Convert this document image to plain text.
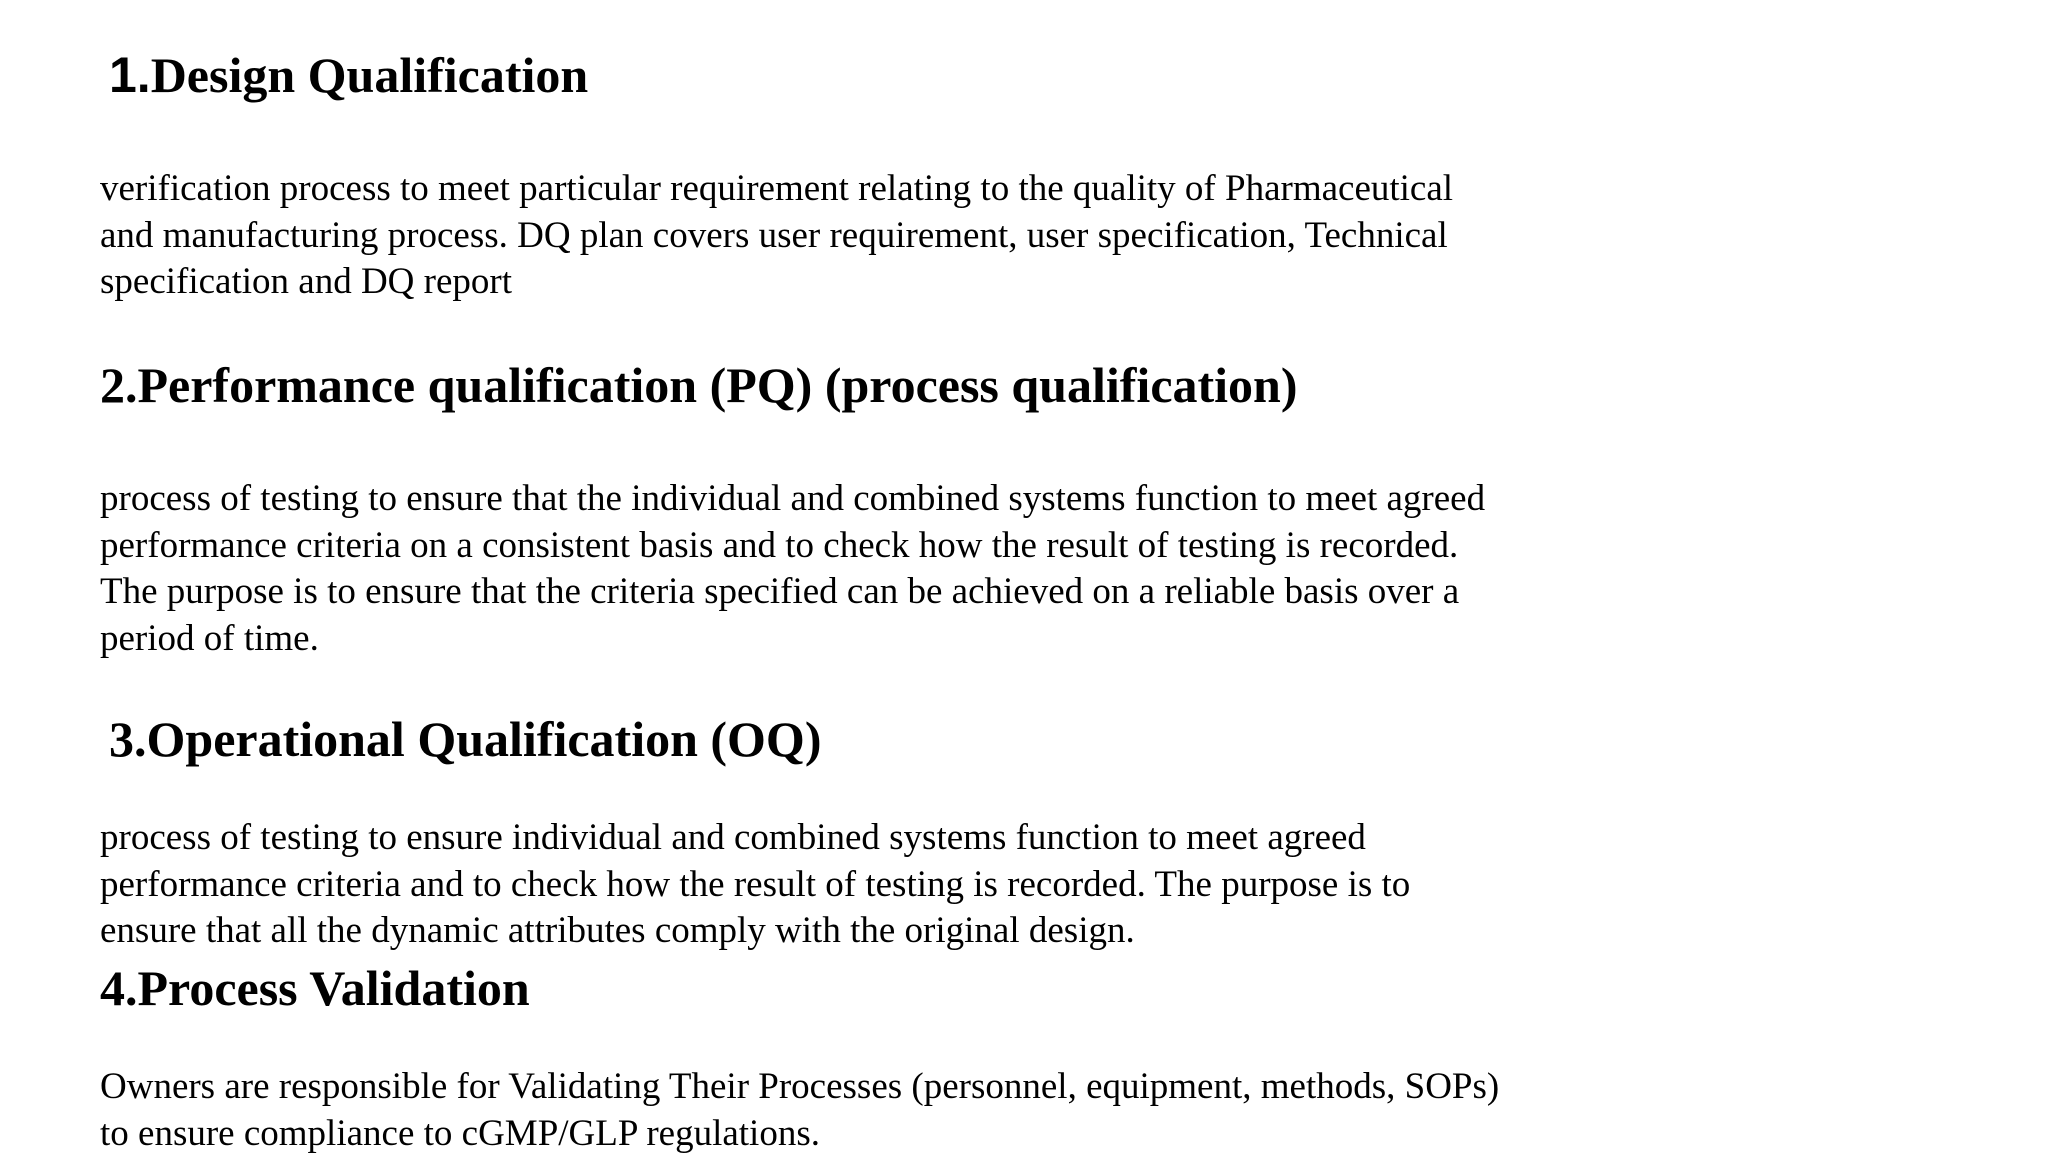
1.Design Qualification

verification process to meet particular requirement relating to the quality of Pharmaceutical
and manufacturing process. DQ plan covers user requirement, user specification, Technical
specification and DQ report

2.Performance qualification (PQ) (process qualification)

process of testing to ensure that the individual and combined systems function to meet agreed
performance criteria on a consistent basis and to check how the result of testing is recorded.
The purpose is to ensure that the criteria specified can be achieved on a reliable basis over a
period of time.

3.Operational Qualification (OQ)

process of testing to ensure individual and combined systems function to meet agreed
performance criteria and to check how the result of testing is recorded. The purpose is to
ensure that all the dynamic attributes comply with the original design.

4.Process Validation

Owners are responsible for Validating Their Processes (personnel, equipment, methods, SOPs)
to ensure compliance to cGMP/GLP regulations.
